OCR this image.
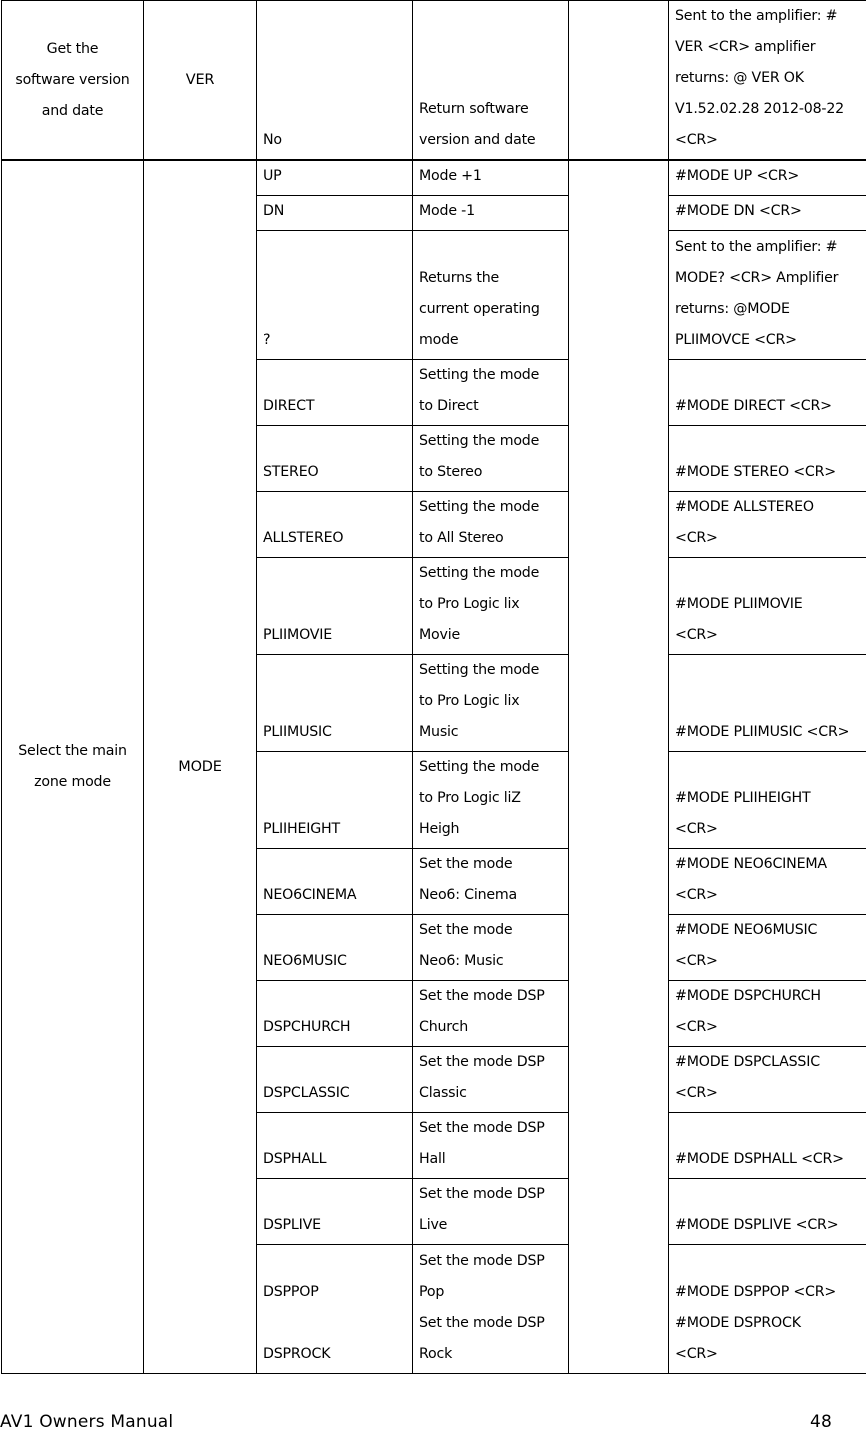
Get the
software version
and date	VER	No	Return software
version and date		Sent to the amplifier: #
VER <CR> amplifier
returns: @ VER OK
V1.52.02.28 2012-08-22
<CR>

Select the main
zone mode	MODE	UP	Mode +1		#MODE UP <CR>

		DN	Mode -1		#MODE DN <CR>

		?	Returns the
current operating
mode		Sent to the amplifier: #
MODE? <CR> Amplifier
returns: @MODE
PLIIMOVCE <CR>

		DIRECT	Setting the mode
to Direct		#MODE DIRECT <CR>

		STEREO	Setting the mode
to Stereo		#MODE STEREO <CR>

		ALLSTEREO	Setting the mode
to All Stereo		#MODE ALLSTEREO
<CR>

		PLIIMOVIE	Setting the mode
to Pro Logic lix
Movie		#MODE PLIIMOVIE
<CR>

		PLIIMUSIC	Setting the mode
to Pro Logic lix
Music		#MODE PLIIMUSIC <CR>

		PLIIHEIGHT	Setting the mode
to Pro Logic liZ
Heigh		#MODE PLIIHEIGHT
<CR>

		NEO6CINEMA	Set the mode
Neo6: Cinema		#MODE NEO6CINEMA
<CR>

		NEO6MUSIC	Set the mode
Neo6: Music		#MODE NEO6MUSIC
<CR>

		DSPCHURCH	Set the mode DSP
Church		#MODE DSPCHURCH
<CR>

		DSPCLASSIC	Set the mode DSP
Classic		#MODE DSPCLASSIC
<CR>

		DSPHALL	Set the mode DSP
Hall		#MODE DSPHALL <CR>

		DSPLIVE	Set the mode DSP
Live		#MODE DSPLIVE <CR>

		DSPPOP

DSPROCK	Set the mode DSP
Pop
Set the mode DSP
Rock		#MODE DSPPOP <CR>
#MODE DSPROCK
<CR>
AV1 Owners Manual	48
